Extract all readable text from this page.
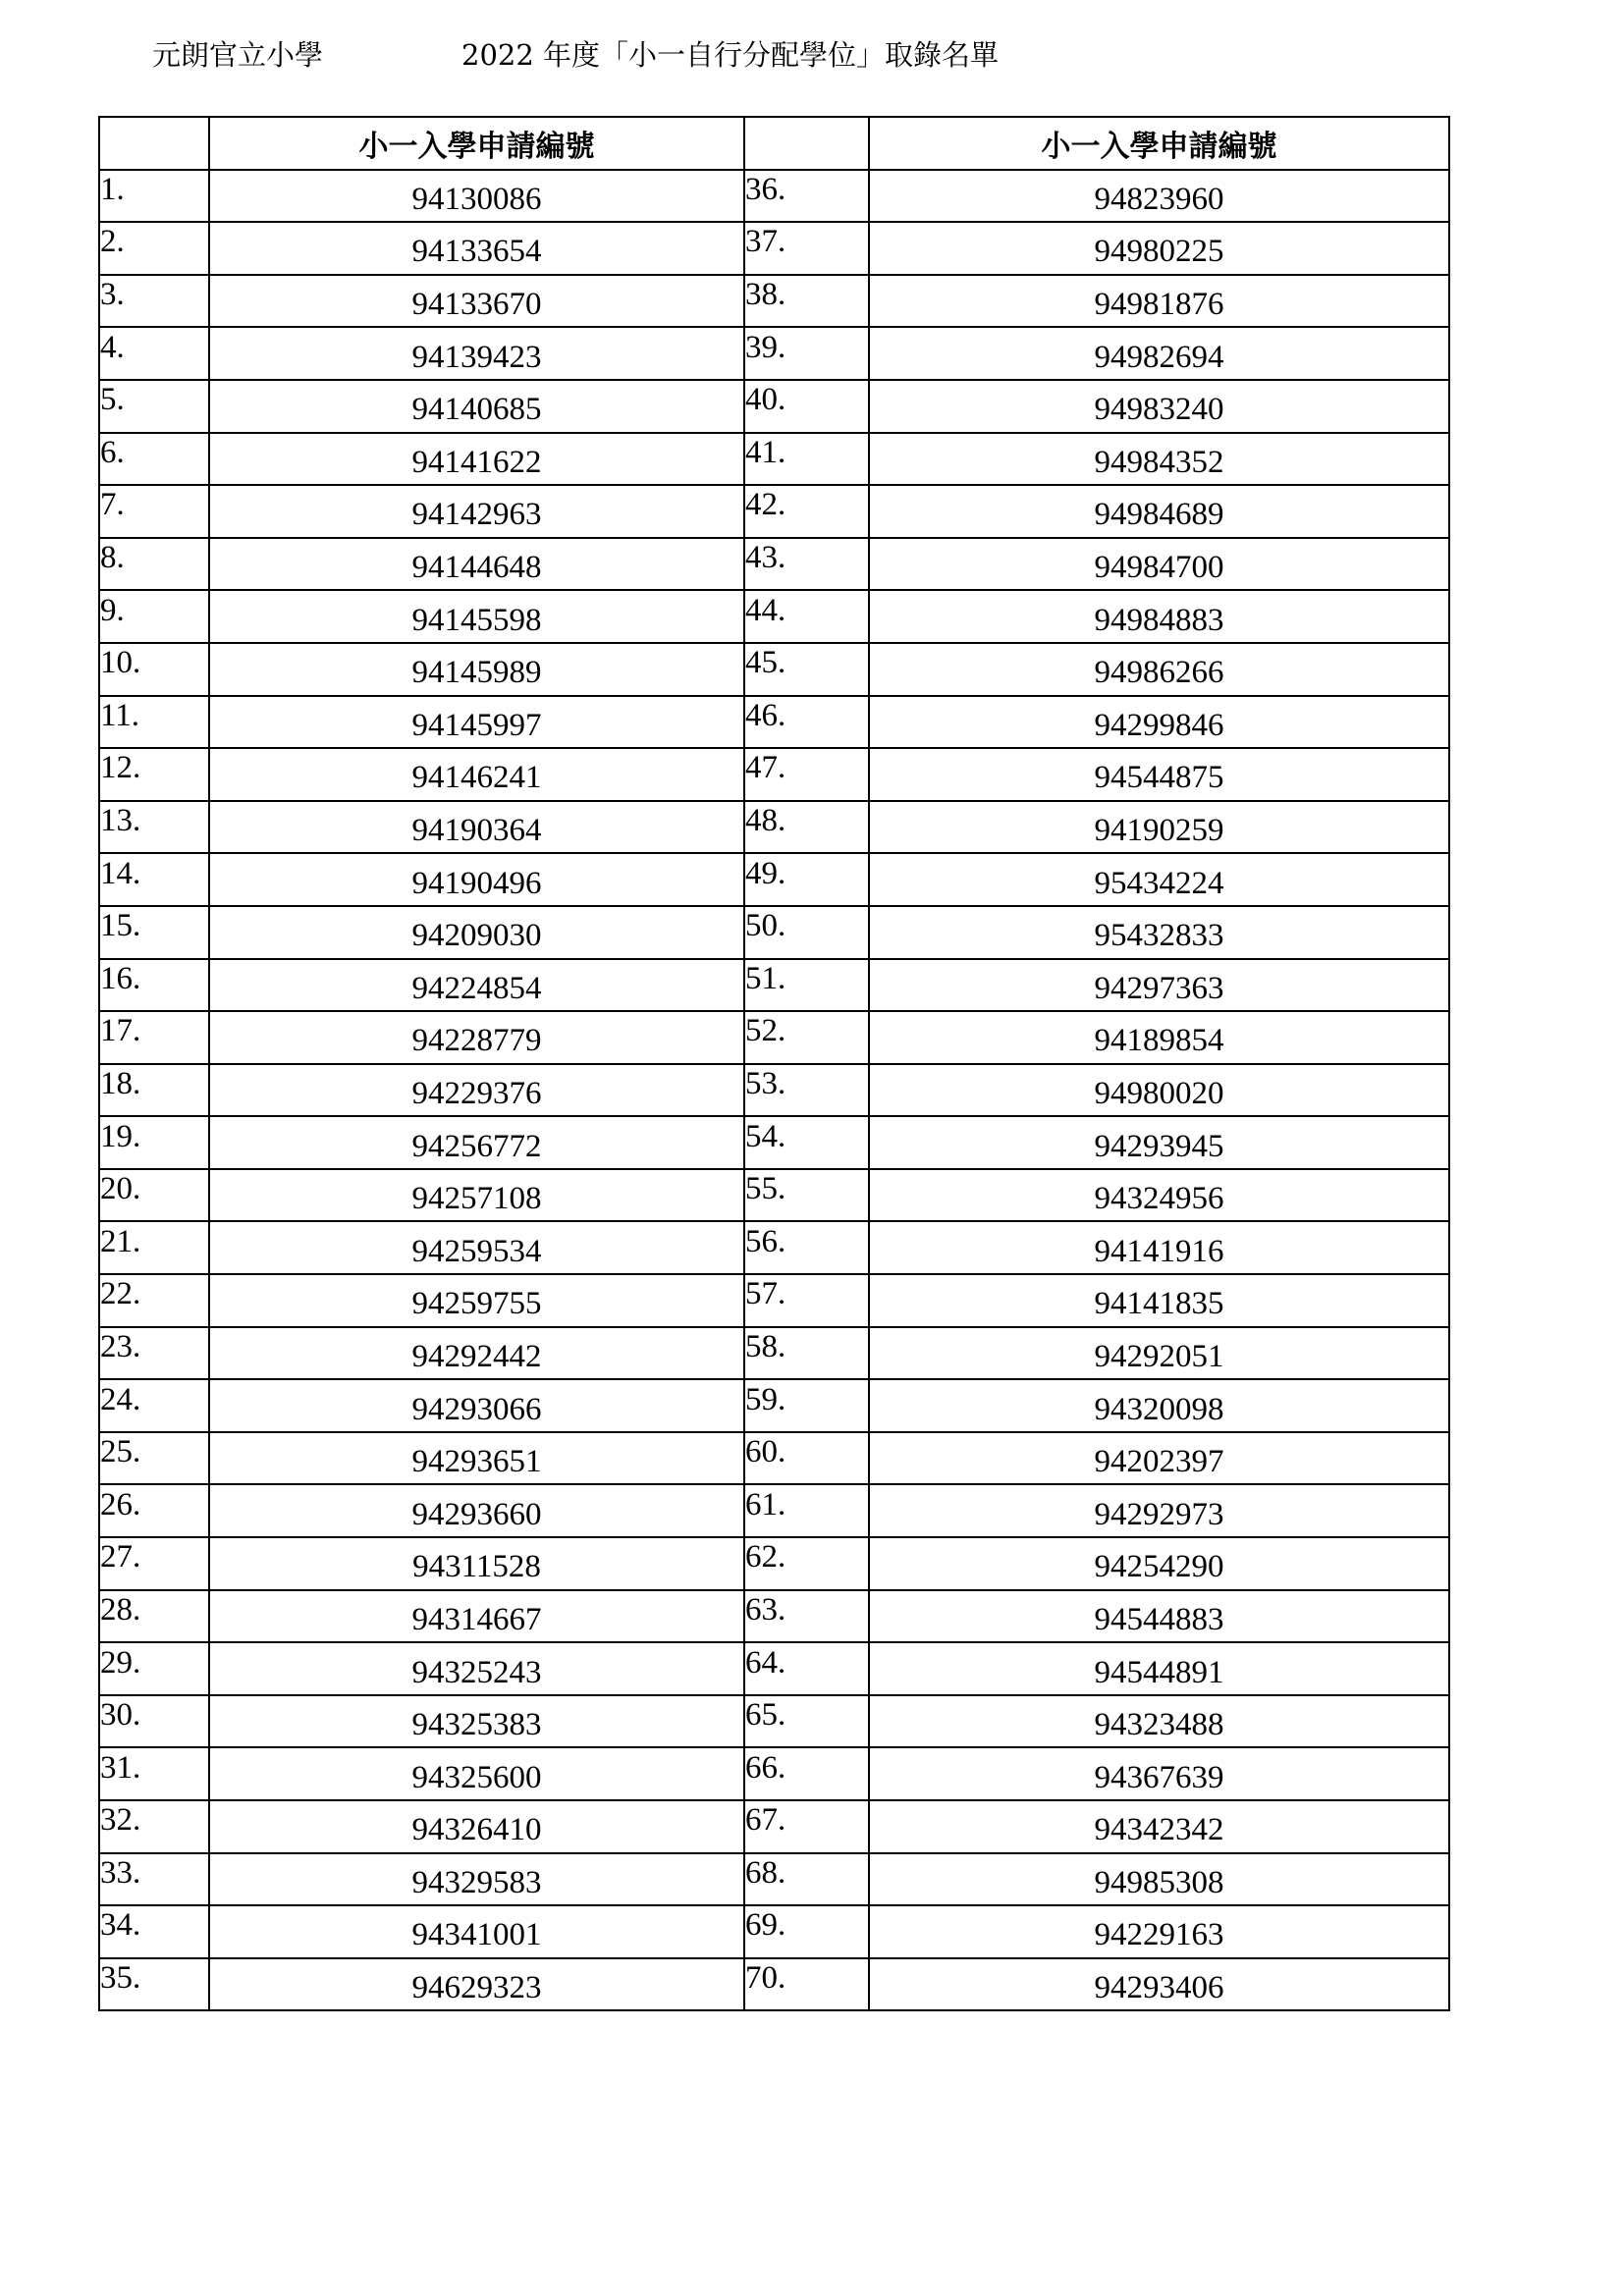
元朗官立小學	2022 年度「小一自行分配學位」取錄名單
	小一入學申請編號		小一入學申請編號
1.	94130086	36.	94823960
2.	94133654	37.	94980225
3.	94133670	38.	94981876
4.	94139423	39.	94982694
5.	94140685	40.	94983240
6.	94141622	41.	94984352
7.	94142963	42.	94984689
8.	94144648	43.	94984700
9.	94145598	44.	94984883
10.	94145989	45.	94986266
11.	94145997	46.	94299846
12.	94146241	47.	94544875
13.	94190364	48.	94190259
14.	94190496	49.	95434224
15.	94209030	50.	95432833
16.	94224854	51.	94297363
17.	94228779	52.	94189854
18.	94229376	53.	94980020
19.	94256772	54.	94293945
20.	94257108	55.	94324956
21.	94259534	56.	94141916
22.	94259755	57.	94141835
23.	94292442	58.	94292051
24.	94293066	59.	94320098
25.	94293651	60.	94202397
26.	94293660	61.	94292973
27.	94311528	62.	94254290
28.	94314667	63.	94544883
29.	94325243	64.	94544891
30.	94325383	65.	94323488
31.	94325600	66.	94367639
32.	94326410	67.	94342342
33.	94329583	68.	94985308
34.	94341001	69.	94229163
35.	94629323	70.	94293406
